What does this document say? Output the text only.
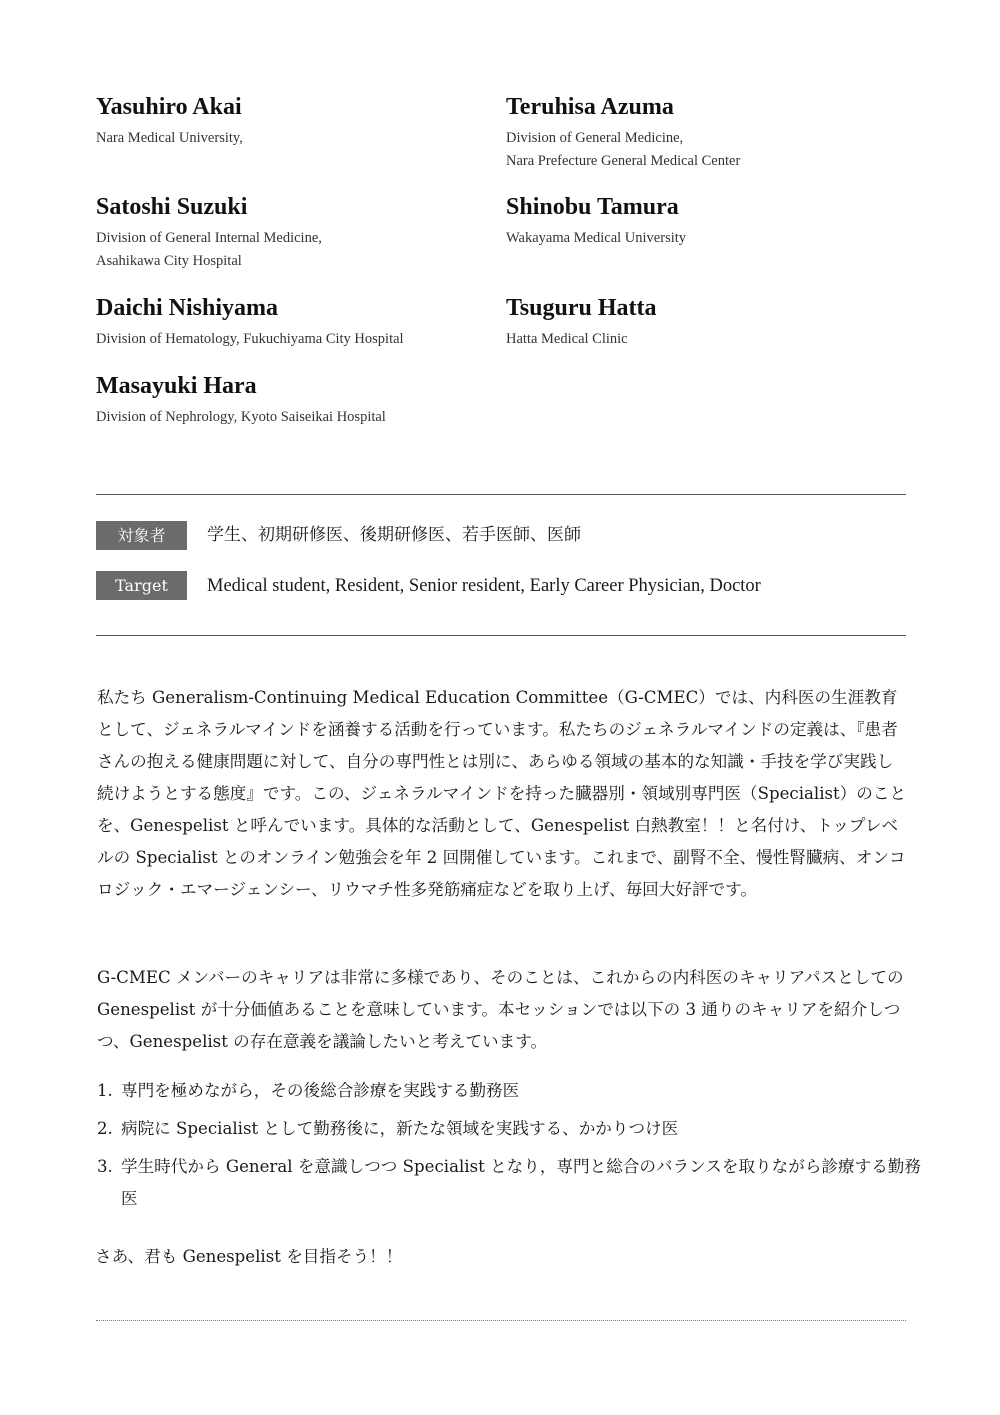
Yasuhiro Akai
Nara Medical University,
Teruhisa Azuma
Division of General Medicine,
Nara Prefecture General Medical Center
Satoshi Suzuki
Division of General Internal Medicine,
Asahikawa City Hospital
Shinobu Tamura
Wakayama Medical University
Daichi Nishiyama
Division of Hematology, Fukuchiyama City Hospital
Tsuguru Hatta
Hatta Medical Clinic
Masayuki Hara
Division of Nephrology, Kyoto Saiseikai Hospital
対象者	学生、初期研修医、後期研修医、若手医師、医師
Target	Medical student, Resident, Senior resident, Early Career Physician, Doctor

私たち Generalism-Continuing Medical Education Committee（G-CMEC）では、内科医の生涯教育として、ジェネラルマインドを涵養する活動を行っています。私たちのジェネラルマインドの定義は、『患者さんの抱える健康問題に対して、自分の専門性とは別に、あらゆる領域の基本的な知識・手技を学び実践し続けようとする態度』です。この、ジェネラルマインドを持った臓器別・領域別専門医（Specialist）のことを、Genespelist と呼んでいます。具体的な活動として、Genespelist 白熱教室！！と名付け、トップレベルの Specialist とのオンライン勉強会を年 2 回開催しています。これまで、副腎不全、慢性腎臓病、オンコロジック・エマージェンシー、リウマチ性多発筋痛症などを取り上げ、毎回大好評です。

G-CMEC メンバーのキャリアは非常に多様であり、そのことは、これからの内科医のキャリアパスとしての Genespelist が十分価値あることを意味しています。本セッションでは以下の 3 通りのキャリアを紹介しつつ、Genespelist の存在意義を議論したいと考えています。

1. 専門を極めながら，その後総合診療を実践する勤務医
2. 病院に Specialist として勤務後に，新たな領域を実践する、かかりつけ医
3. 学生時代から General を意識しつつ Specialist となり，専門と総合のバランスを取りながら診療する勤務医
さあ、君も Genespelist を目指そう！！
